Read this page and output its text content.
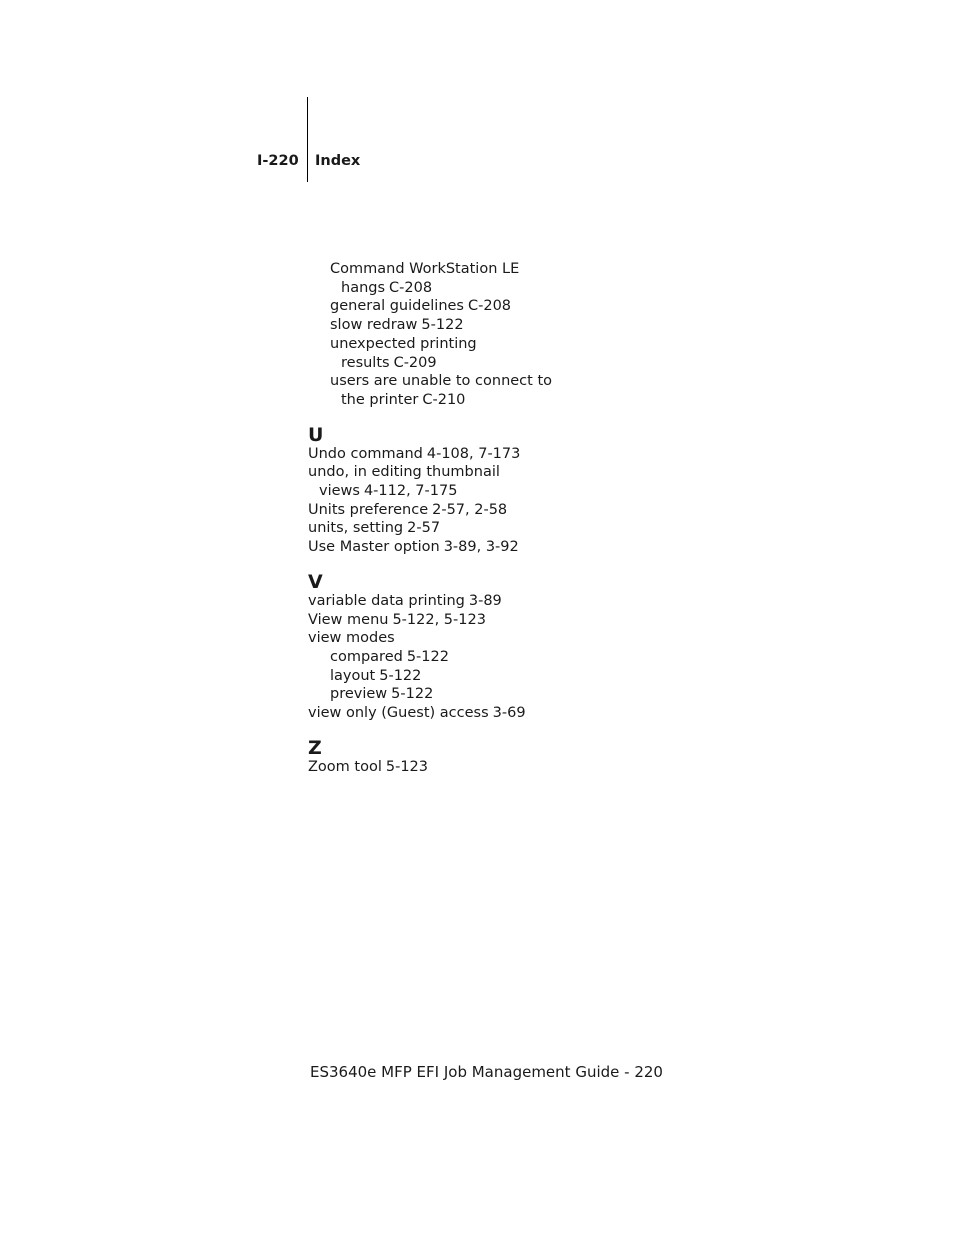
I-220 Index
Command WorkStation LE
hangs C-208
general guidelines C-208
slow redraw 5-122
unexpected printing
results C-209
users are unable to connect to
the printer C-210
U
Undo command 4-108, 7-173
undo, in editing thumbnail
views 4-112, 7-175
Units preference 2-57, 2-58
units, setting 2-57
Use Master option 3-89, 3-92
V
variable data printing 3-89
View menu 5-122, 5-123
view modes
compared 5-122
layout 5-122
preview 5-122
view only (Guest) access 3-69
Z
Zoom tool 5-123
ES3640e MFP EFI Job Management Guide - 220
